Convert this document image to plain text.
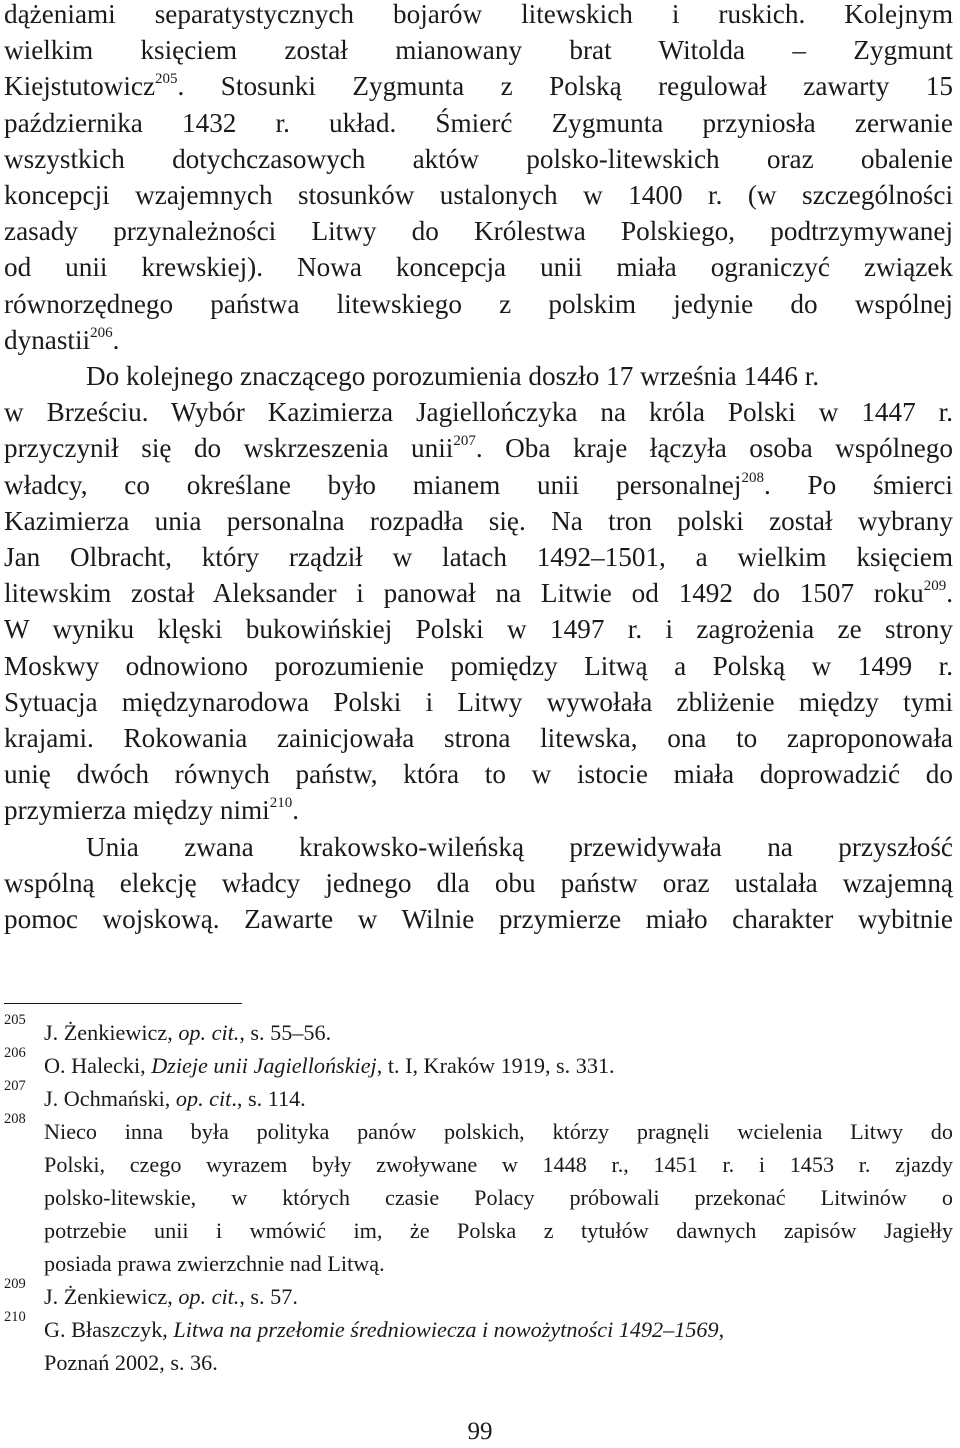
dążeniami separatystycznych bojarów litewskich i ruskich. Kolejnym
wielkim księciem został mianowany brat Witolda – Zygmunt
Kiejstutowicz$^{205}$. Stosunki Zygmunta z Polską regulował zawarty 15
października 1432 r. układ. Śmierć Zygmunta przyniosła zerwanie
wszystkich dotychczasowych aktów polsko-litewskich oraz obalenie
koncepcji wzajemnych stosunków ustalonych w 1400 r. (w szczególności
zasady przynależności Litwy do Królestwa Polskiego, podtrzymywanej
od unii krewskiej). Nowa koncepcja unii miała ograniczyć związek
równorzędnego państwa litewskiego z polskim jedynie do wspólnej
dynastii$^{206}$.
Do kolejnego znaczącego porozumienia doszło 17 września 1446 r.
w Brześciu. Wybór Kazimierza Jagiellończyka na króla Polski w 1447 r.
przyczynił się do wskrzeszenia unii$^{207}$. Oba kraje łączyła osoba wspólnego
władcy, co określane było mianem unii personalnej$^{208}$. Po śmierci
Kazimierza unia personalna rozpadła się. Na tron polski został wybrany
Jan Olbracht, który rządził w latach 1492–1501, a wielkim księciem
litewskim został Aleksander i panował na Litwie od 1492 do 1507 roku$^{209}$.
W wyniku klęski bukowińskiej Polski w 1497 r. i zagrożenia ze strony
Moskwy odnowiono porozumienie pomiędzy Litwą a Polską w 1499 r.
Sytuacja międzynarodowa Polski i Litwy wywołała zbliżenie między tymi
krajami. Rokowania zainicjowała strona litewska, ona to zaproponowała
unię dwóch równych państw, która to w istocie miała doprowadzić do
przymierza między nimi$^{210}$.
Unia zwana krakowsko-wileńską przewidywała na przyszłość
wspólną elekcję władcy jednego dla obu państw oraz ustalała wzajemną
pomoc wojskową. Zawarte w Wilnie przymierze miało charakter wybitnie
205 J. Żenkiewicz, op. cit., s. 55–56.
206 O. Halecki, Dzieje unii Jagiellońskiej, t. I, Kraków 1919, s. 331.
207 J. Ochmański, op. cit., s. 114.
208 Nieco inna była polityka panów polskich, którzy pragnęli wcielenia Litwy do
Polski, czego wyrazem były zwoływane w 1448 r., 1451 r. i 1453 r. zjazdy
polsko-litewskie, w których czasie Polacy próbowali przekonać Litwinów o
potrzebie unii i wmówić im, że Polska z tytułów dawnych zapisów Jagiełły
posiada prawa zwierzchnie nad Litwą.
209 J. Żenkiewicz, op. cit., s. 57.
210 G. Błaszczyk, Litwa na przełomie średniowiecza i nowożytności 1492–1569,
Poznań 2002, s. 36.
99
